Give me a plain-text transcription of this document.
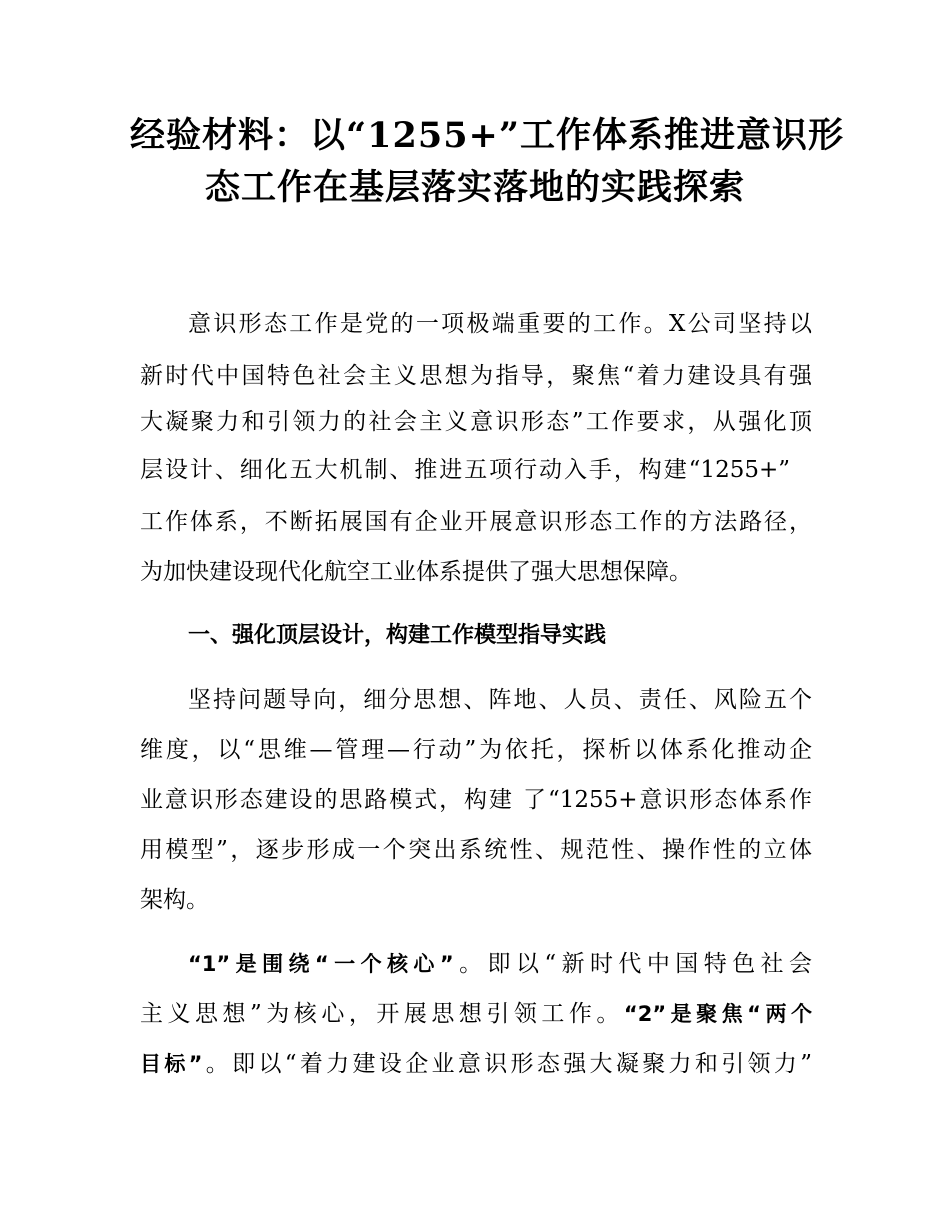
经验材料：以“1255+”工作体系推进意识形
态工作在基层落实落地的实践探索
意识形态工作是党的一项极端重要的工作。X公司坚持以
新时代中国特色社会主义思想为指导，聚焦“着力建设具有强
大凝聚力和引领力的社会主义意识形态”工作要求，从强化顶
层设计、细化五大机制、推进五项行动入手，构建“1255+”
工作体系，不断拓展国有企业开展意识形态工作的方法路径，
为加快建设现代化航空工业体系提供了强大思想保障。
一、强化顶层设计，构建工作模型指导实践
坚持问题导向，细分思想、阵地、人员、责任、风险五个
维度，以“思维—管理—行动”为依托，探析以体系化推动企
业意识形态建设的思路模式，构建 了“1255+意识形态体系作
用模型”，逐步形成一个突出系统性、规范性、操作性的立体
架构。
“1”是围绕“一个核心”。即以“新时代中国特色社会
主义思想”为核心，开展思想引领工作。“2”是聚焦“两个
目标”。即以“着力建设企业意识形态强大凝聚力和引领力”
